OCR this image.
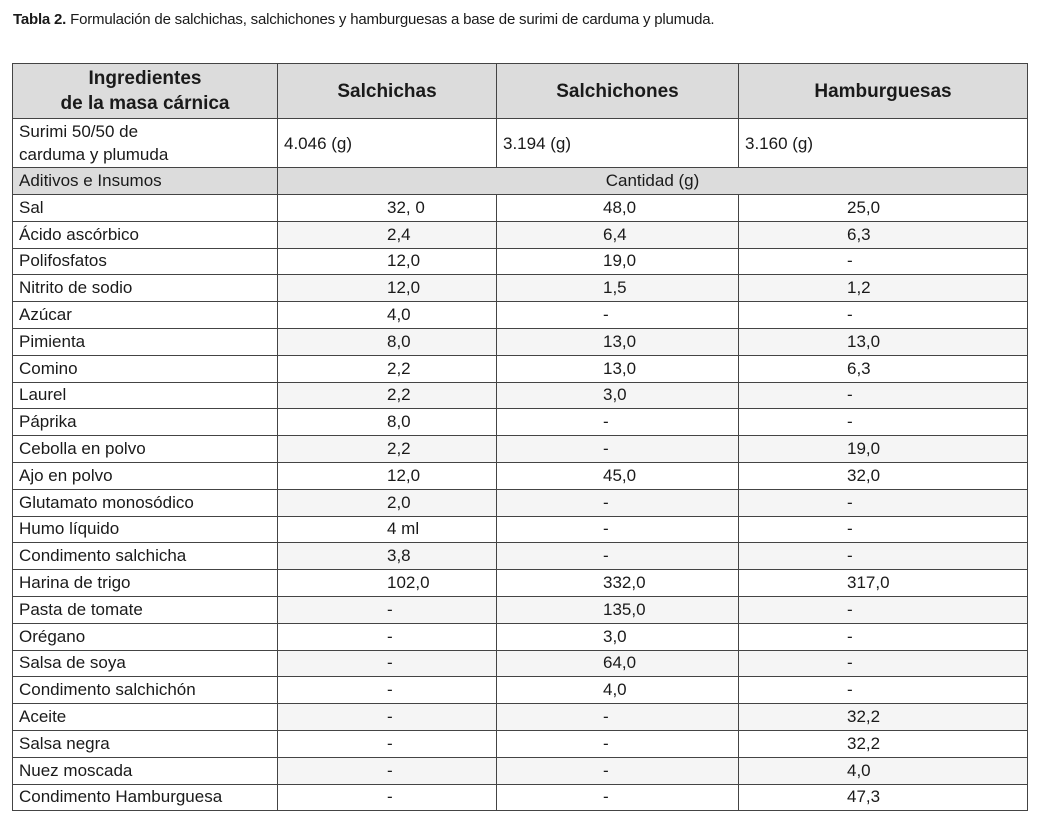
Tabla 2. Formulación de salchichas, salchichones y hamburguesas a base de surimi de carduma y plumuda.
Ingredientes
de la masa cárnica	Salchichas	Salchichones	Hamburguesas
Surimi 50/50 de
carduma y plumuda	4.046 (g)	3.194 (g)	3.160 (g)
Aditivos e Insumos	Cantidad (g)		
Sal	32, 0	48,0	25,0
Ácido ascórbico	2,4	6,4	6,3
Polifosfatos	12,0	19,0	-
Nitrito de sodio	12,0	1,5	1,2
Azúcar	4,0	-	-
Pimienta	8,0	13,0	13,0
Comino	2,2	13,0	6,3
Laurel	2,2	3,0	-
Páprika	8,0	-	-
Cebolla en polvo	2,2	-	19,0
Ajo en polvo	12,0	45,0	32,0
Glutamato monosódico	2,0	-	-
Humo líquido	4 ml	-	-
Condimento salchicha	3,8	-	-
Harina de trigo	102,0	332,0	317,0
Pasta de tomate	-	135,0	-
Orégano	-	3,0	-
Salsa de soya	-	64,0	-
Condimento salchichón	-	4,0	-
Aceite	-	-	32,2
Salsa negra	-	-	32,2
Nuez moscada	-	-	4,0
Condimento Hamburguesa	-	-	47,3
